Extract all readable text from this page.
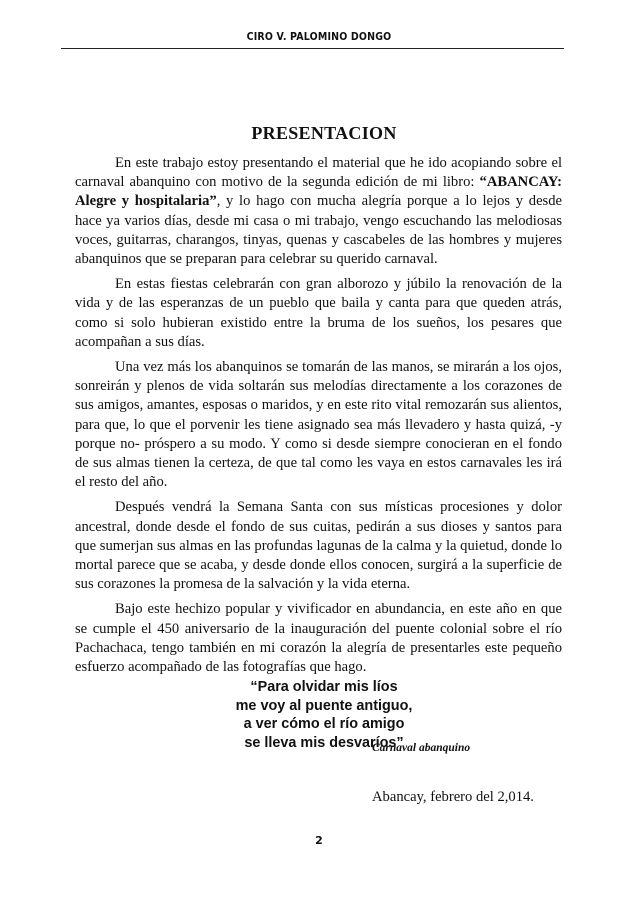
CIRO V. PALOMINO DONGO
PRESENTACION

En este trabajo estoy presentando el material que he ido acopiando sobre el carnaval abanquino con motivo de la segunda edición de mi libro: “ABANCAY: Alegre y hospitalaria”, y lo hago con mucha alegría porque a lo lejos y desde hace ya varios días, desde mi casa o mi trabajo, vengo escuchando las melodiosas voces, guitarras, charangos, tinyas, quenas y cascabeles de las hombres y mujeres abanquinos que se preparan para celebrar su querido carnaval.

En estas fiestas celebrarán con gran alborozo y júbilo la renovación de la vida y de las esperanzas de un pueblo que baila y canta para que queden atrás, como si solo hubieran existido entre la bruma de los sueños, los pesares que acompañan a sus días.

Una vez más los abanquinos se tomarán de las manos, se mirarán a los ojos, sonreirán y plenos de vida soltarán sus melodías directamente a los corazones de sus amigos, amantes, esposas o maridos, y en este rito vital remozarán sus alientos, para que, lo que el porvenir les tiene asignado sea más llevadero y hasta quizá, -y porque no- próspero a su modo. Y como si desde siempre conocieran en el fondo de sus almas tienen la certeza, de que tal como les vaya en estos carnavales les irá el resto del año.

Después vendrá la Semana Santa con sus místicas procesiones y dolor ancestral, donde desde el fondo de sus cuitas, pedirán a sus dioses y santos para que sumerjan sus almas en las profundas lagunas de la calma y la quietud, donde lo mortal parece que se acaba, y desde donde ellos conocen, surgirá a la superficie de sus corazones la promesa de la salvación y la vida eterna.

Bajo este hechizo popular y vivificador en abundancia, en este año en que se cumple el 450 aniversario de la inauguración del puente colonial sobre el río Pachachaca, tengo también en mi corazón la alegría de presentarles este pequeño esfuerzo acompañado de las fotografías que hago.

“Para olvidar mis líos
me voy al puente antiguo,
a ver cómo el río amigo
se lleva mis desvaríos”
Carnaval abanquino
Abancay, febrero del 2,014.
2
